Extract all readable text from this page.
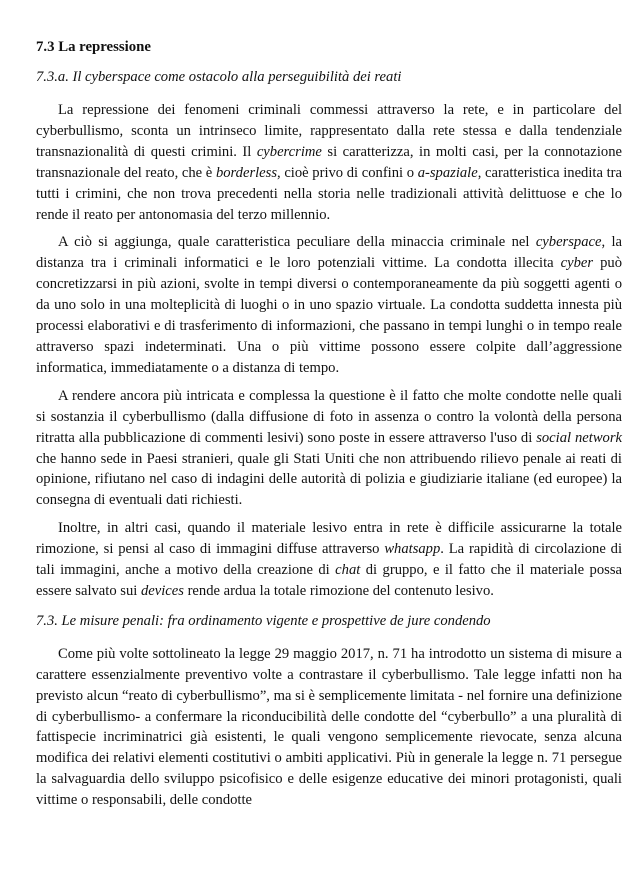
7.3 La repressione
7.3.a. Il cyberspace come ostacolo alla perseguibilità dei reati

La repressione dei fenomeni criminali commessi attraverso la rete, e in particolare del cyberbullismo, sconta un intrinseco limite, rappresentato dalla rete stessa e dalla tendenziale transnazionalità di questi crimini. Il cybercrime si caratterizza, in molti casi, per la connotazione transnazionale del reato, che è borderless, cioè privo di confini o a-spaziale, caratteristica inedita tra tutti i crimini, che non trova precedenti nella storia nelle tradizionali attività delittuose e che lo rende il reato per antonomasia del terzo millennio.

A ciò si aggiunga, quale caratteristica peculiare della minaccia criminale nel cyberspace, la distanza tra i criminali informatici e le loro potenziali vittime. La condotta illecita cyber può concretizzarsi in più azioni, svolte in tempi diversi o contemporaneamente da più soggetti agenti o da uno solo in una molteplicità di luoghi o in uno spazio virtuale. La condotta suddetta innesta più processi elaborativi e di trasferimento di informazioni, che passano in tempi lunghi o in tempo reale attraverso spazi indeterminati. Una o più vittime possono essere colpite dall’aggressione informatica, immediatamente o a distanza di tempo.

A rendere ancora più intricata e complessa la questione è il fatto che molte condotte nelle quali si sostanzia il cyberbullismo (dalla diffusione di foto in assenza o contro la volontà della persona ritratta alla pubblicazione di commenti lesivi) sono poste in essere attraverso l'uso di social network che hanno sede in Paesi stranieri, quale gli Stati Uniti che non attribuendo rilievo penale ai reati di opinione, rifiutano nel caso di indagini delle autorità di polizia e giudiziarie italiane (ed europee) la consegna di eventuali dati richiesti.

Inoltre, in altri casi, quando il materiale lesivo entra in rete è difficile assicurarne la totale rimozione, si pensi al caso di immagini diffuse attraverso whatsapp. La rapidità di circolazione di tali immagini, anche a motivo della creazione di chat di gruppo, e il fatto che il materiale possa essere salvato sui devices rende ardua la totale rimozione del contenuto lesivo.

7.3. Le misure penali: fra ordinamento vigente e prospettive de jure condendo

Come più volte sottolineato la legge 29 maggio 2017, n. 71 ha introdotto un sistema di misure a carattere essenzialmente preventivo volte a contrastare il cyberbullismo. Tale legge infatti non ha previsto alcun “reato di cyberbullismo”, ma si è semplicemente limitata - nel fornire una definizione di cyberbullismo- a confermare la riconducibilità delle condotte del “cyberbullo” a una pluralità di fattispecie incriminatrici già esistenti, le quali vengono semplicemente rievocate, senza alcuna modifica dei relativi elementi costitutivi o ambiti applicativi. Più in generale la legge n. 71 persegue la salvaguardia dello sviluppo psicofisico e delle esigenze educative dei minori protagonisti, quali vittime o responsabili, delle condotte
